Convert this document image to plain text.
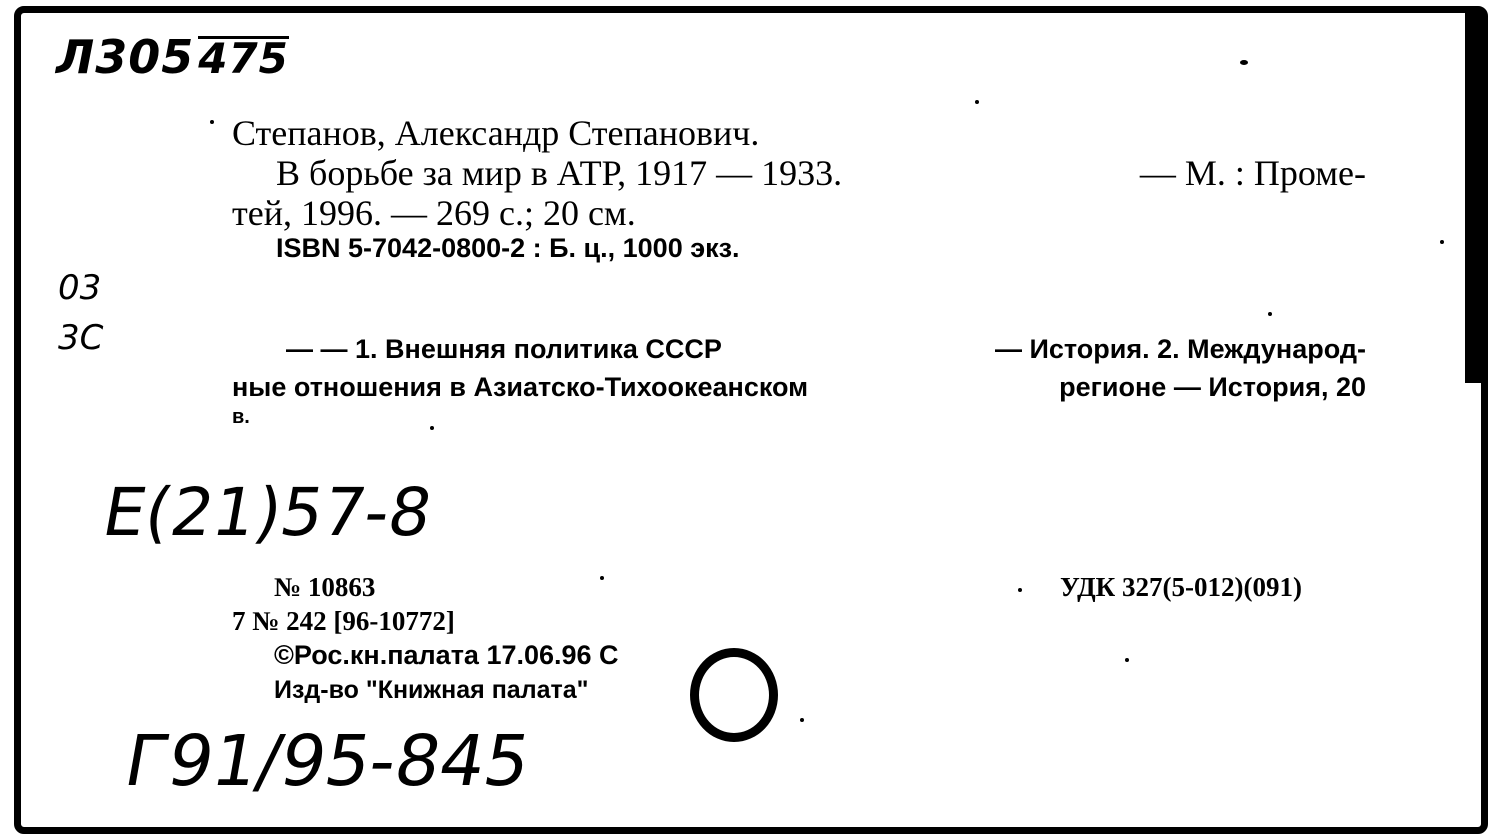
Л305475
03
3С
Степанов, Александр Степанович.
В борьбе за мир в АТР, 1917 — 1933.	— М. : Проме-
тей, 1996. — 269 с.; 20 см.
ISBN 5-7042-0800-2 : Б. ц., 1000 экз.
— — 1. Внешняя политика СССР	— История. 2. Международ-
ные отношения в Азиатско-Тихоокеанском	регионе — История, 20
в.
Е(21)57-8
№ 10863	УДК 327(5-012)(091)
7 № 242 [96-10772]
©Рос.кн.палата 17.06.96 С
Изд-во "Книжная палата"
Г91/95-845
